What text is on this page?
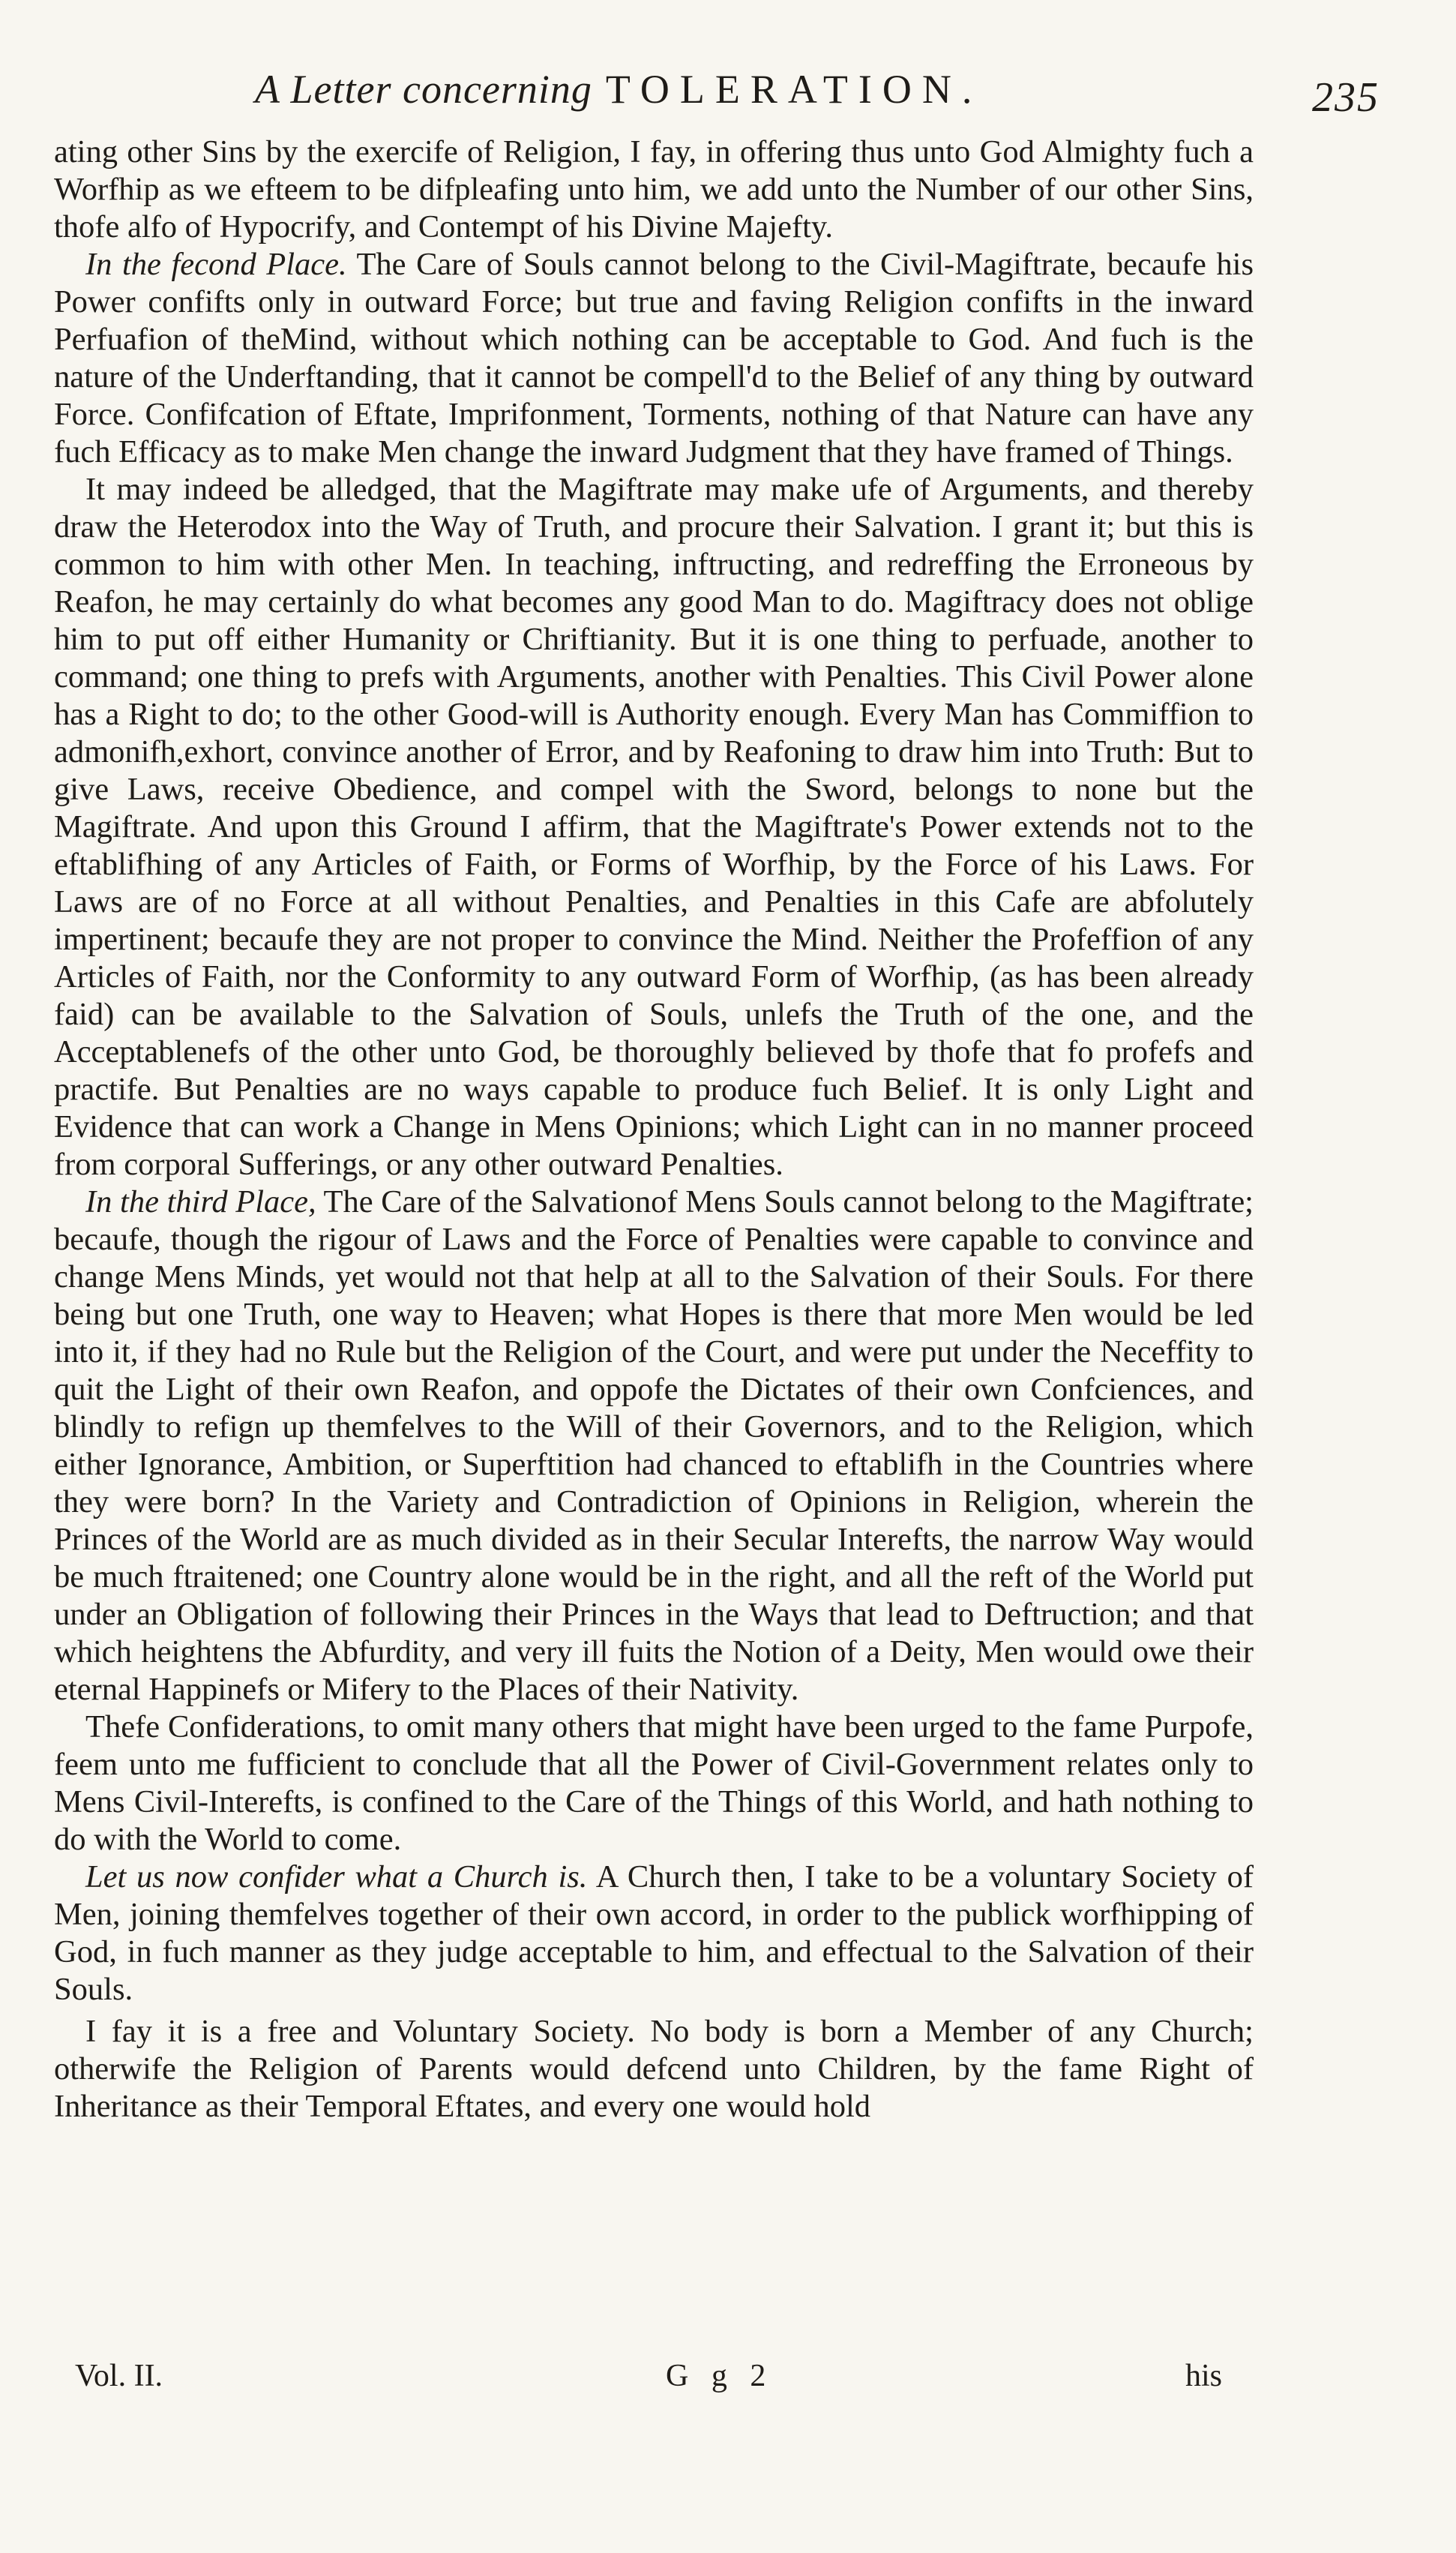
A Letter concerning TOLERATION.	235

ating other Sins by the exercife of Religion, I fay, in offering thus unto God Almighty fuch a Worfhip as we efteem to be difpleafing unto him, we add unto the Number of our other Sins, thofe alfo of Hypocrify, and Contempt of his Divine Majefty.

In the fecond Place. The Care of Souls cannot belong to the Civil-Magiftrate, becaufe his Power confifts only in outward Force; but true and faving Religion confifts in the inward Perfuafion of theMind, without which nothing can be acceptable to God. And fuch is the nature of the Underftanding, that it cannot be compell'd to the Belief of any thing by outward Force. Confifcation of Eftate, Imprifonment, Torments, nothing of that Nature can have any fuch Efficacy as to make Men change the inward Judgment that they have framed of Things.

It may indeed be alledged, that the Magiftrate may make ufe of Arguments, and thereby draw the Heterodox into the Way of Truth, and procure their Salvation. I grant it; but this is common to him with other Men. In teaching, inftructing, and redreffing the Erroneous by Reafon, he may certainly do what becomes any good Man to do. Magiftracy does not oblige him to put off either Humanity or Chriftianity. But it is one thing to perfuade, another to command; one thing to prefs with Arguments, another with Penalties. This Civil Power alone has a Right to do; to the other Good-will is Authority enough. Every Man has Commiffion to admonifh,exhort, convince another of Error, and by Reafoning to draw him into Truth: But to give Laws, receive Obedience, and compel with the Sword, belongs to none but the Magiftrate. And upon this Ground I affirm, that the Magiftrate's Power extends not to the eftablifhing of any Articles of Faith, or Forms of Worfhip, by the Force of his Laws. For Laws are of no Force at all without Penalties, and Penalties in this Cafe are abfolutely impertinent; becaufe they are not proper to convince the Mind. Neither the Profeffion of any Articles of Faith, nor the Conformity to any outward Form of Worfhip, (as has been already faid) can be available to the Salvation of Souls, unlefs the Truth of the one, and the Acceptablenefs of the other unto God, be thoroughly believed by thofe that fo profefs and practife. But Penalties are no ways capable to produce fuch Belief. It is only Light and Evidence that can work a Change in Mens Opinions; which Light can in no manner proceed from corporal Sufferings, or any other outward Penalties.

In the third Place, The Care of the Salvationof Mens Souls cannot belong to the Magiftrate; becaufe, though the rigour of Laws and the Force of Penalties were capable to convince and change Mens Minds, yet would not that help at all to the Salvation of their Souls. For there being but one Truth, one way to Heaven; what Hopes is there that more Men would be led into it, if they had no Rule but the Religion of the Court, and were put under the Neceffity to quit the Light of their own Reafon, and oppofe the Dictates of their own Confciences, and blindly to refign up themfelves to the Will of their Governors, and to the Religion, which either Ignorance, Ambition, or Superftition had chanced to eftablifh in the Countries where they were born? In the Variety and Contradiction of Opinions in Religion, wherein the Princes of the World are as much divided as in their Secular Interefts, the narrow Way would be much ftraitened; one Country alone would be in the right, and all the reft of the World put under an Obligation of following their Princes in the Ways that lead to Deftruction; and that which heightens the Abfurdity, and very ill fuits the Notion of a Deity, Men would owe their eternal Happinefs or Mifery to the Places of their Nativity.

Thefe Confiderations, to omit many others that might have been urged to the fame Purpofe, feem unto me fufficient to conclude that all the Power of Civil-Government relates only to Mens Civil-Interefts, is confined to the Care of the Things of this World, and hath nothing to do with the World to come.

Let us now confider what a Church is. A Church then, I take to be a voluntary Society of Men, joining themfelves together of their own accord, in order to the publick worfhipping of God, in fuch manner as they judge acceptable to him, and effectual to the Salvation of their Souls.

I fay it is a free and Voluntary Society. No body is born a Member of any Church; otherwife the Religion of Parents would defcend unto Children, by the fame Right of Inheritance as their Temporal Eftates, and every one would hold

Vol. II.	G g 2	his
